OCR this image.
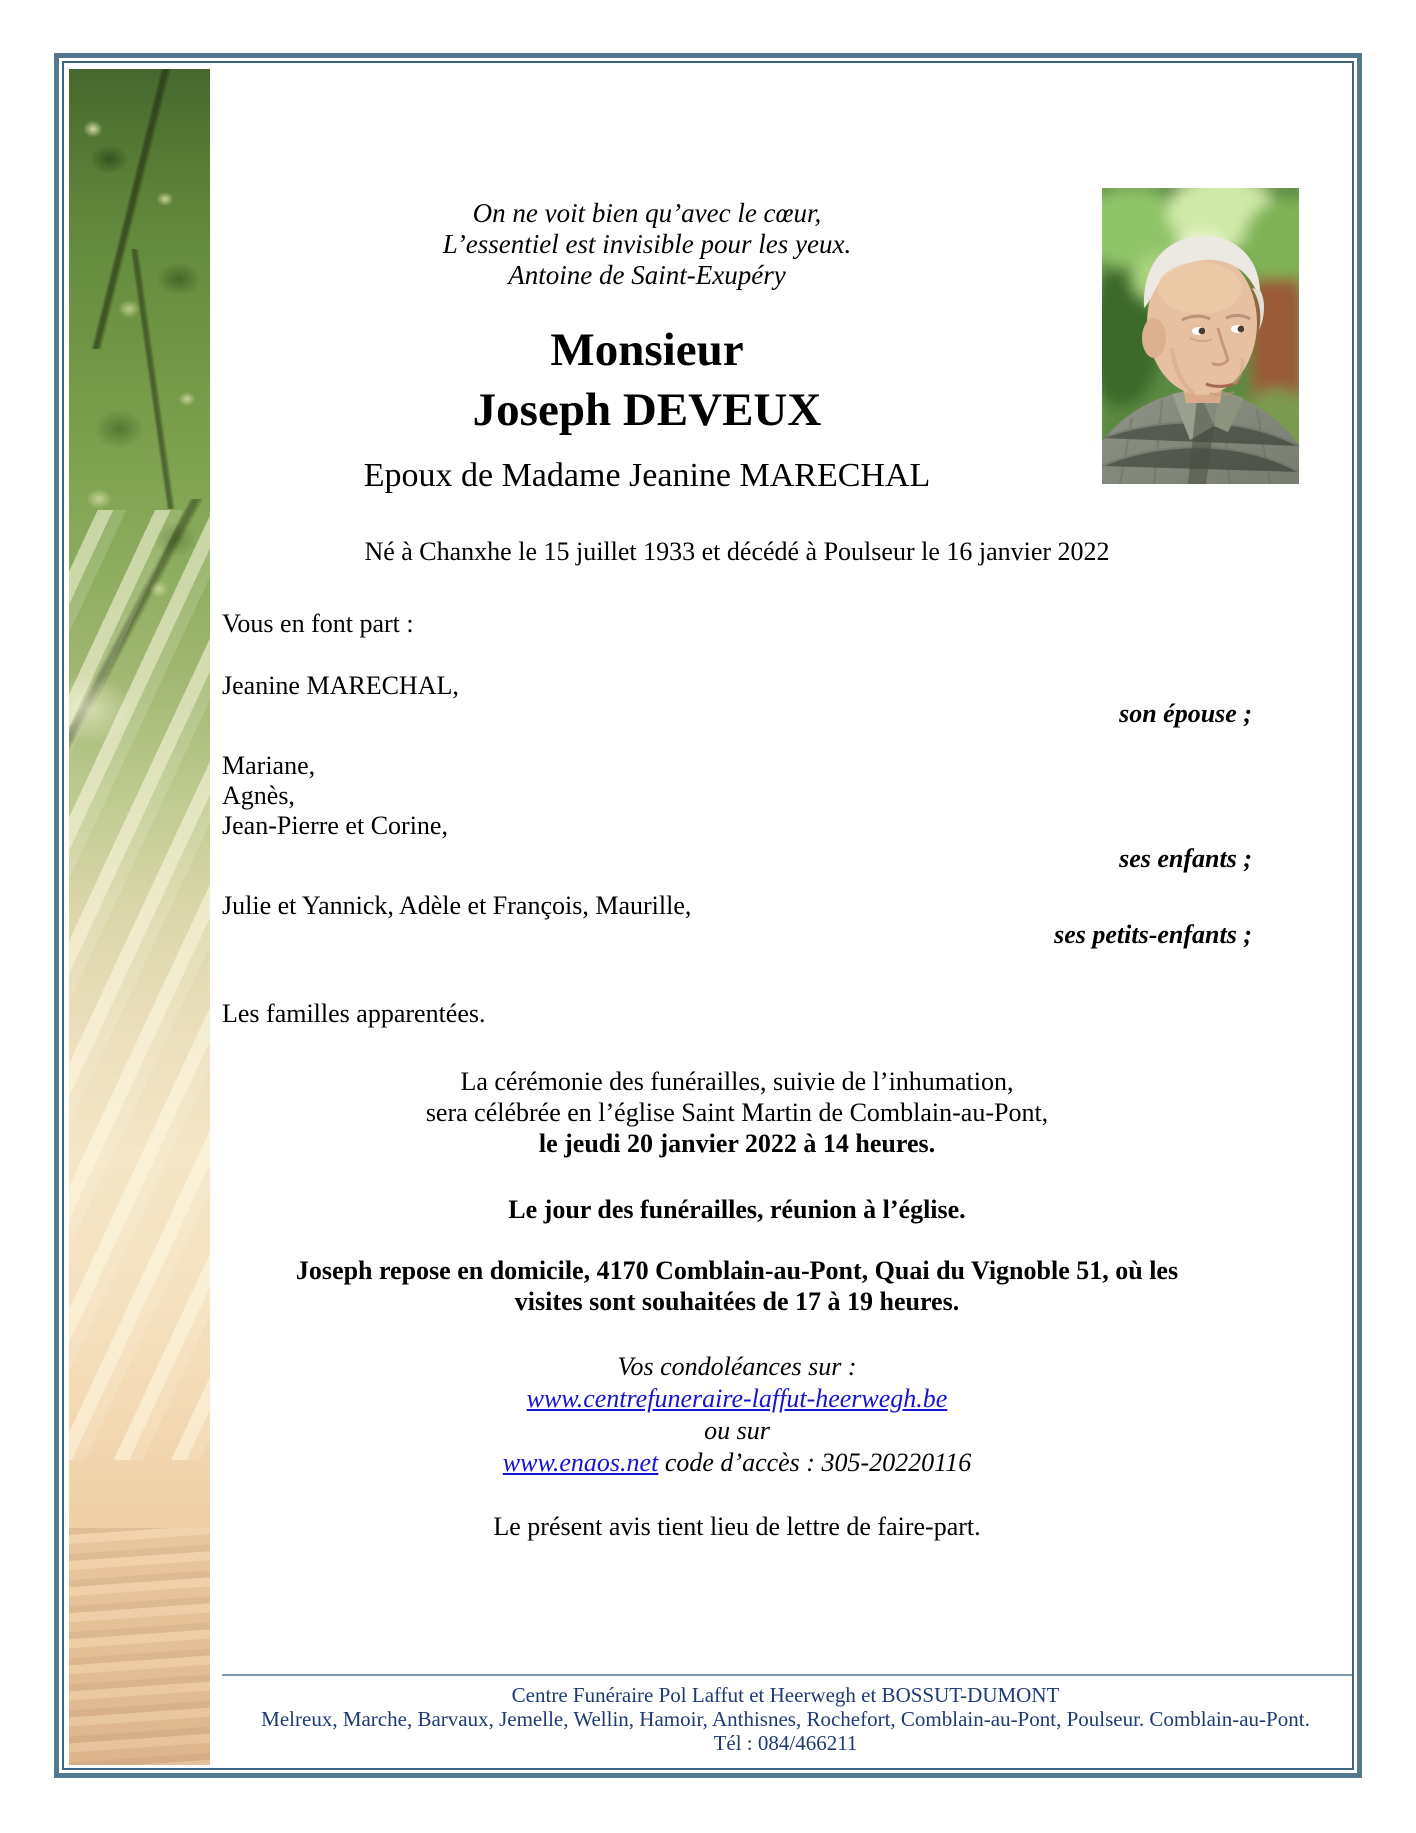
On ne voit bien qu’avec le cœur,
L’essentiel est invisible pour les yeux.
Antoine de Saint-Exupéry
Monsieur
Joseph DEVEUX
Epoux de Madame Jeanine MARECHAL
Né à Chanxhe le 15 juillet 1933 et décédé à Poulseur le 16 janvier 2022
Vous en font part :
Jeanine MARECHAL,
son épouse ;
Mariane,
Agnès,
Jean-Pierre et Corine,
ses enfants ;
Julie et Yannick, Adèle et François, Maurille,
ses petits-enfants ;
Les familles apparentées.
La cérémonie des funérailles, suivie de l’inhumation,
sera célébrée en l’église Saint Martin de Comblain-au-Pont,
le jeudi 20 janvier 2022 à 14 heures.
Le jour des funérailles, réunion à l’église.
Joseph repose en domicile, 4170 Comblain-au-Pont, Quai du Vignoble 51, où les
visites sont souhaitées de 17 à 19 heures.
Vos condoléances sur :
www.centrefuneraire-laffut-heerwegh.be
ou sur
www.enaos.net code d’accès : 305-20220116
Le présent avis tient lieu de lettre de faire-part.
Centre Funéraire Pol Laffut et Heerwegh et BOSSUT-DUMONT
Melreux, Marche, Barvaux, Jemelle, Wellin, Hamoir, Anthisnes, Rochefort, Comblain-au-Pont, Poulseur. Comblain-au-Pont.
Tél : 084/466211
